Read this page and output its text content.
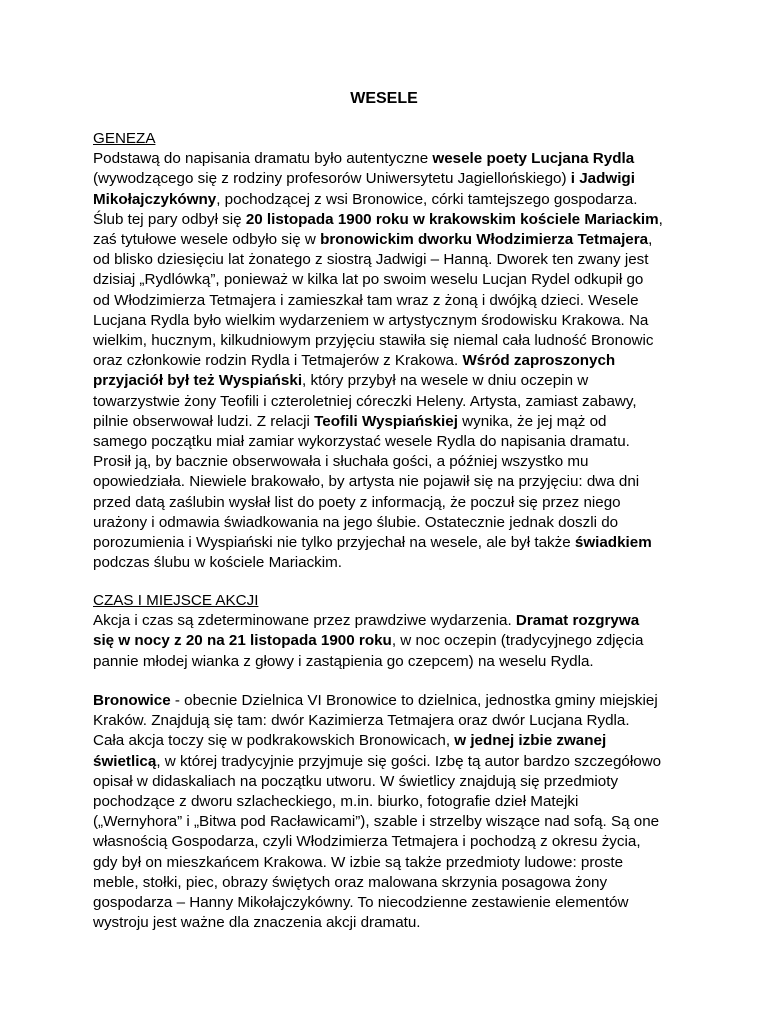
WESELE
GENEZA
Podstawą do napisania dramatu było autentyczne wesele poety Lucjana Rydla
(wywodzącego się z rodziny profesorów Uniwersytetu Jagiellońskiego) i Jadwigi
Mikołajczykówny, pochodzącej z wsi Bronowice, córki tamtejszego gospodarza.
Ślub tej pary odbył się 20 listopada 1900 roku w krakowskim kościele Mariackim,
zaś tytułowe wesele odbyło się w bronowickim dworku Włodzimierza Tetmajera,
od blisko dziesięciu lat żonatego z siostrą Jadwigi – Hanną. Dworek ten zwany jest
dzisiaj „Rydlówką”, ponieważ w kilka lat po swoim weselu Lucjan Rydel odkupił go
od Włodzimierza Tetmajera i zamieszkał tam wraz z żoną i dwójką dzieci. Wesele
Lucjana Rydla było wielkim wydarzeniem w artystycznym środowisku Krakowa. Na
wielkim, hucznym, kilkudniowym przyjęciu stawiła się niemal cała ludność Bronowic
oraz członkowie rodzin Rydla i Tetmajerów z Krakowa. Wśród zaproszonych
przyjaciół był też Wyspiański, który przybył na wesele w dniu oczepin w
towarzystwie żony Teofili i czteroletniej córeczki Heleny. Artysta, zamiast zabawy,
pilnie obserwował ludzi. Z relacji Teofili Wyspiańskiej wynika, że jej mąż od
samego początku miał zamiar wykorzystać wesele Rydla do napisania dramatu.
Prosił ją, by bacznie obserwowała i słuchała gości, a później wszystko mu
opowiedziała. Niewiele brakowało, by artysta nie pojawił się na przyjęciu: dwa dni
przed datą zaślubin wysłał list do poety z informacją, że poczuł się przez niego
urażony i odmawia świadkowania na jego ślubie. Ostatecznie jednak doszli do
porozumienia i Wyspiański nie tylko przyjechał na wesele, ale był także świadkiem
podczas ślubu w kościele Mariackim.
CZAS I MIEJSCE AKCJI
Akcja i czas są zdeterminowane przez prawdziwe wydarzenia. Dramat rozgrywa
się w nocy z 20 na 21 listopada 1900 roku, w noc oczepin (tradycyjnego zdjęcia
pannie młodej wianka z głowy i zastąpienia go czepcem) na weselu Rydla.
Bronowice - obecnie Dzielnica VI Bronowice to dzielnica, jednostka gminy miejskiej
Kraków. Znajdują się tam: dwór Kazimierza Tetmajera oraz dwór Lucjana Rydla.
Cała akcja toczy się w podkrakowskich Bronowicach, w jednej izbie zwanej
świetlicą, w której tradycyjnie przyjmuje się gości. Izbę tą autor bardzo szczegółowo
opisał w didaskaliach na początku utworu. W świetlicy znajdują się przedmioty
pochodzące z dworu szlacheckiego, m.in. biurko, fotografie dzieł Matejki
(„Wernyhora” i „Bitwa pod Racławicami”), szable i strzelby wiszące nad sofą. Są one
własnością Gospodarza, czyli Włodzimierza Tetmajera i pochodzą z okresu życia,
gdy był on mieszkańcem Krakowa. W izbie są także przedmioty ludowe: proste
meble, stołki, piec, obrazy świętych oraz malowana skrzynia posagowa żony
gospodarza – Hanny Mikołajczykówny. To niecodzienne zestawienie elementów
wystroju jest ważne dla znaczenia akcji dramatu.
